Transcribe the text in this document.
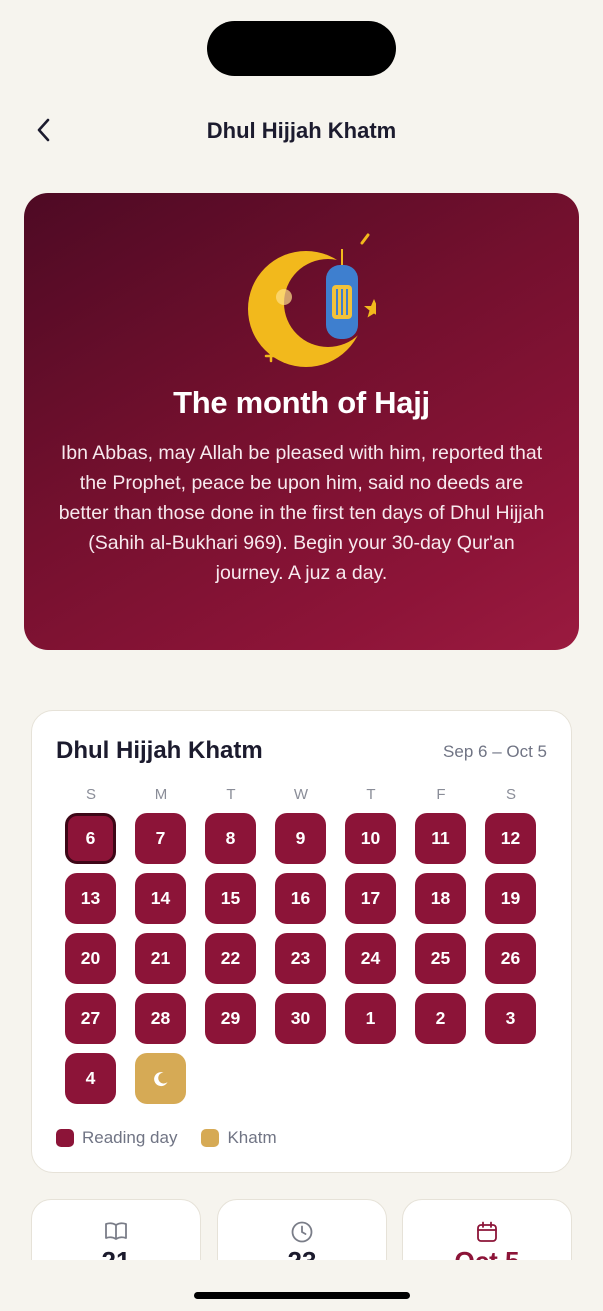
Dhul Hijjah Khatm
The month of Hajj
Ibn Abbas, may Allah be pleased with him, reported that the Prophet, peace be upon him, said no deeds are better than those done in the first ten days of Dhul Hijjah (Sahih al-Bukhari 969). Begin your 30-day Qur'an journey. A juz a day.
Dhul Hijjah Khatm	Sep 6 – Oct 5
S	M	T	W	T	F	S
6	7	8	9	10	11	12
13	14	15	16	17	18	19
20	21	22	23	24	25	26
27	28	29	30	1	2	3
4
Reading day	Khatm
